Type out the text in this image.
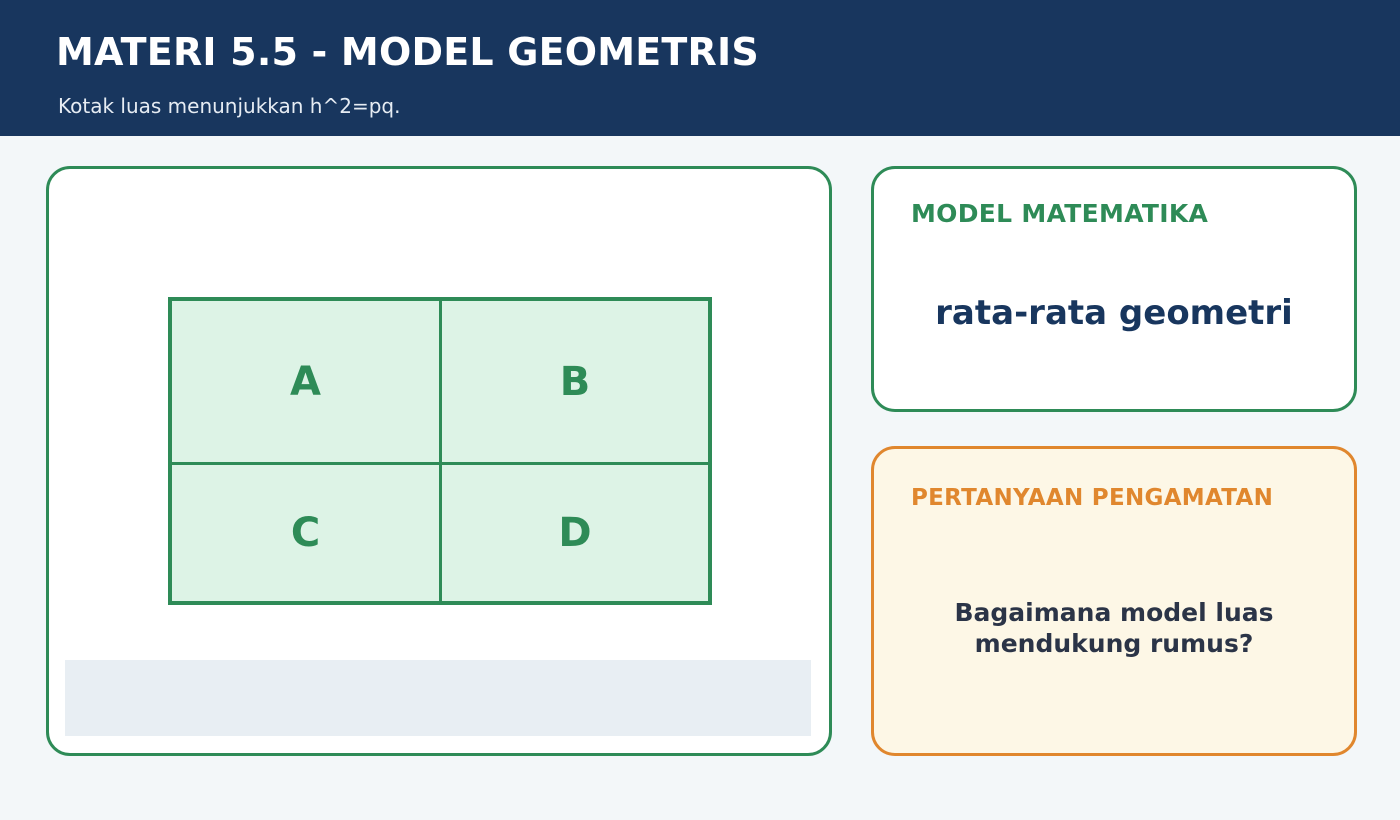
MATERI 5.5 - MODEL GEOMETRIS
Kotak luas menunjukkan h^2=pq.
A	B
C	D
MODEL MATEMATIKA
rata-rata geometri
PERTANYAAN PENGAMATAN
Bagaimana model luas mendukung rumus?
